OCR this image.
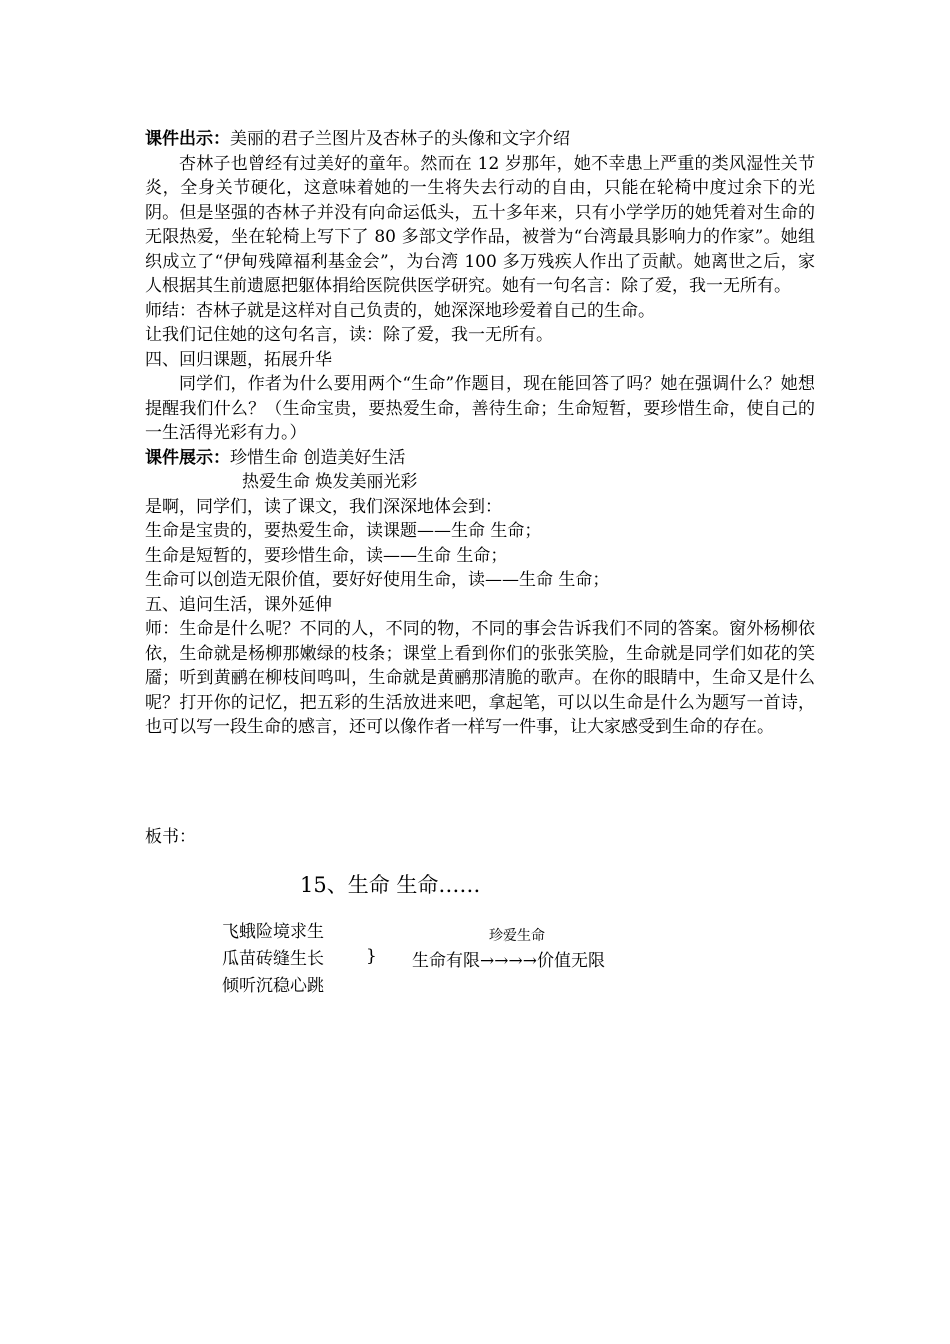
课件出示：美丽的君子兰图片及杏林子的头像和文字介绍
杏林子也曾经有过美好的童年。然而在 12 岁那年，她不幸患上严重的类风湿性关节炎，全身关节硬化，这意味着她的一生将失去行动的自由，只能在轮椅中度过余下的光阴。但是坚强的杏林子并没有向命运低头，五十多年来，只有小学学历的她凭着对生命的无限热爱，坐在轮椅上写下了 80 多部文学作品，被誉为“台湾最具影响力的作家”。她组织成立了“伊甸残障福利基金会”，为台湾 100 多万残疾人作出了贡献。她离世之后，家人根据其生前遗愿把躯体捐给医院供医学研究。她有一句名言：除了爱，我一无所有。
师结：杏林子就是这样对自己负责的，她深深地珍爱着自己的生命。
让我们记住她的这句名言，读：除了爱，我一无所有。
四、回归课题，拓展升华
同学们，作者为什么要用两个“生命”作题目，现在能回答了吗？她在强调什么？她想提醒我们什么？（生命宝贵，要热爱生命，善待生命；生命短暂，要珍惜生命，使自己的一生活得光彩有力。）
课件展示：珍惜生命 创造美好生活
热爱生命 焕发美丽光彩
是啊，同学们，读了课文，我们深深地体会到：
生命是宝贵的，要热爱生命，读课题——生命 生命；
生命是短暂的，要珍惜生命，读——生命 生命；
生命可以创造无限价值，要好好使用生命，读——生命 生命；
五、追问生活，课外延伸
师：生命是什么呢？不同的人，不同的物，不同的事会告诉我们不同的答案。窗外杨柳依依，生命就是杨柳那嫩绿的枝条；课堂上看到你们的张张笑脸，生命就是同学们如花的笑靥；听到黄鹂在柳枝间鸣叫，生命就是黄鹂那清脆的歌声。在你的眼睛中，生命又是什么呢？打开你的记忆，把五彩的生活放进来吧，拿起笔，可以以生命是什么为题写一首诗，也可以写一段生命的感言，还可以像作者一样写一件事，让大家感受到生命的存在。
板书：
15、生命 生命……
飞蛾险境求生
瓜苗砖缝生长
倾听沉稳心跳
}
珍爱生命
生命有限→→→→价值无限
